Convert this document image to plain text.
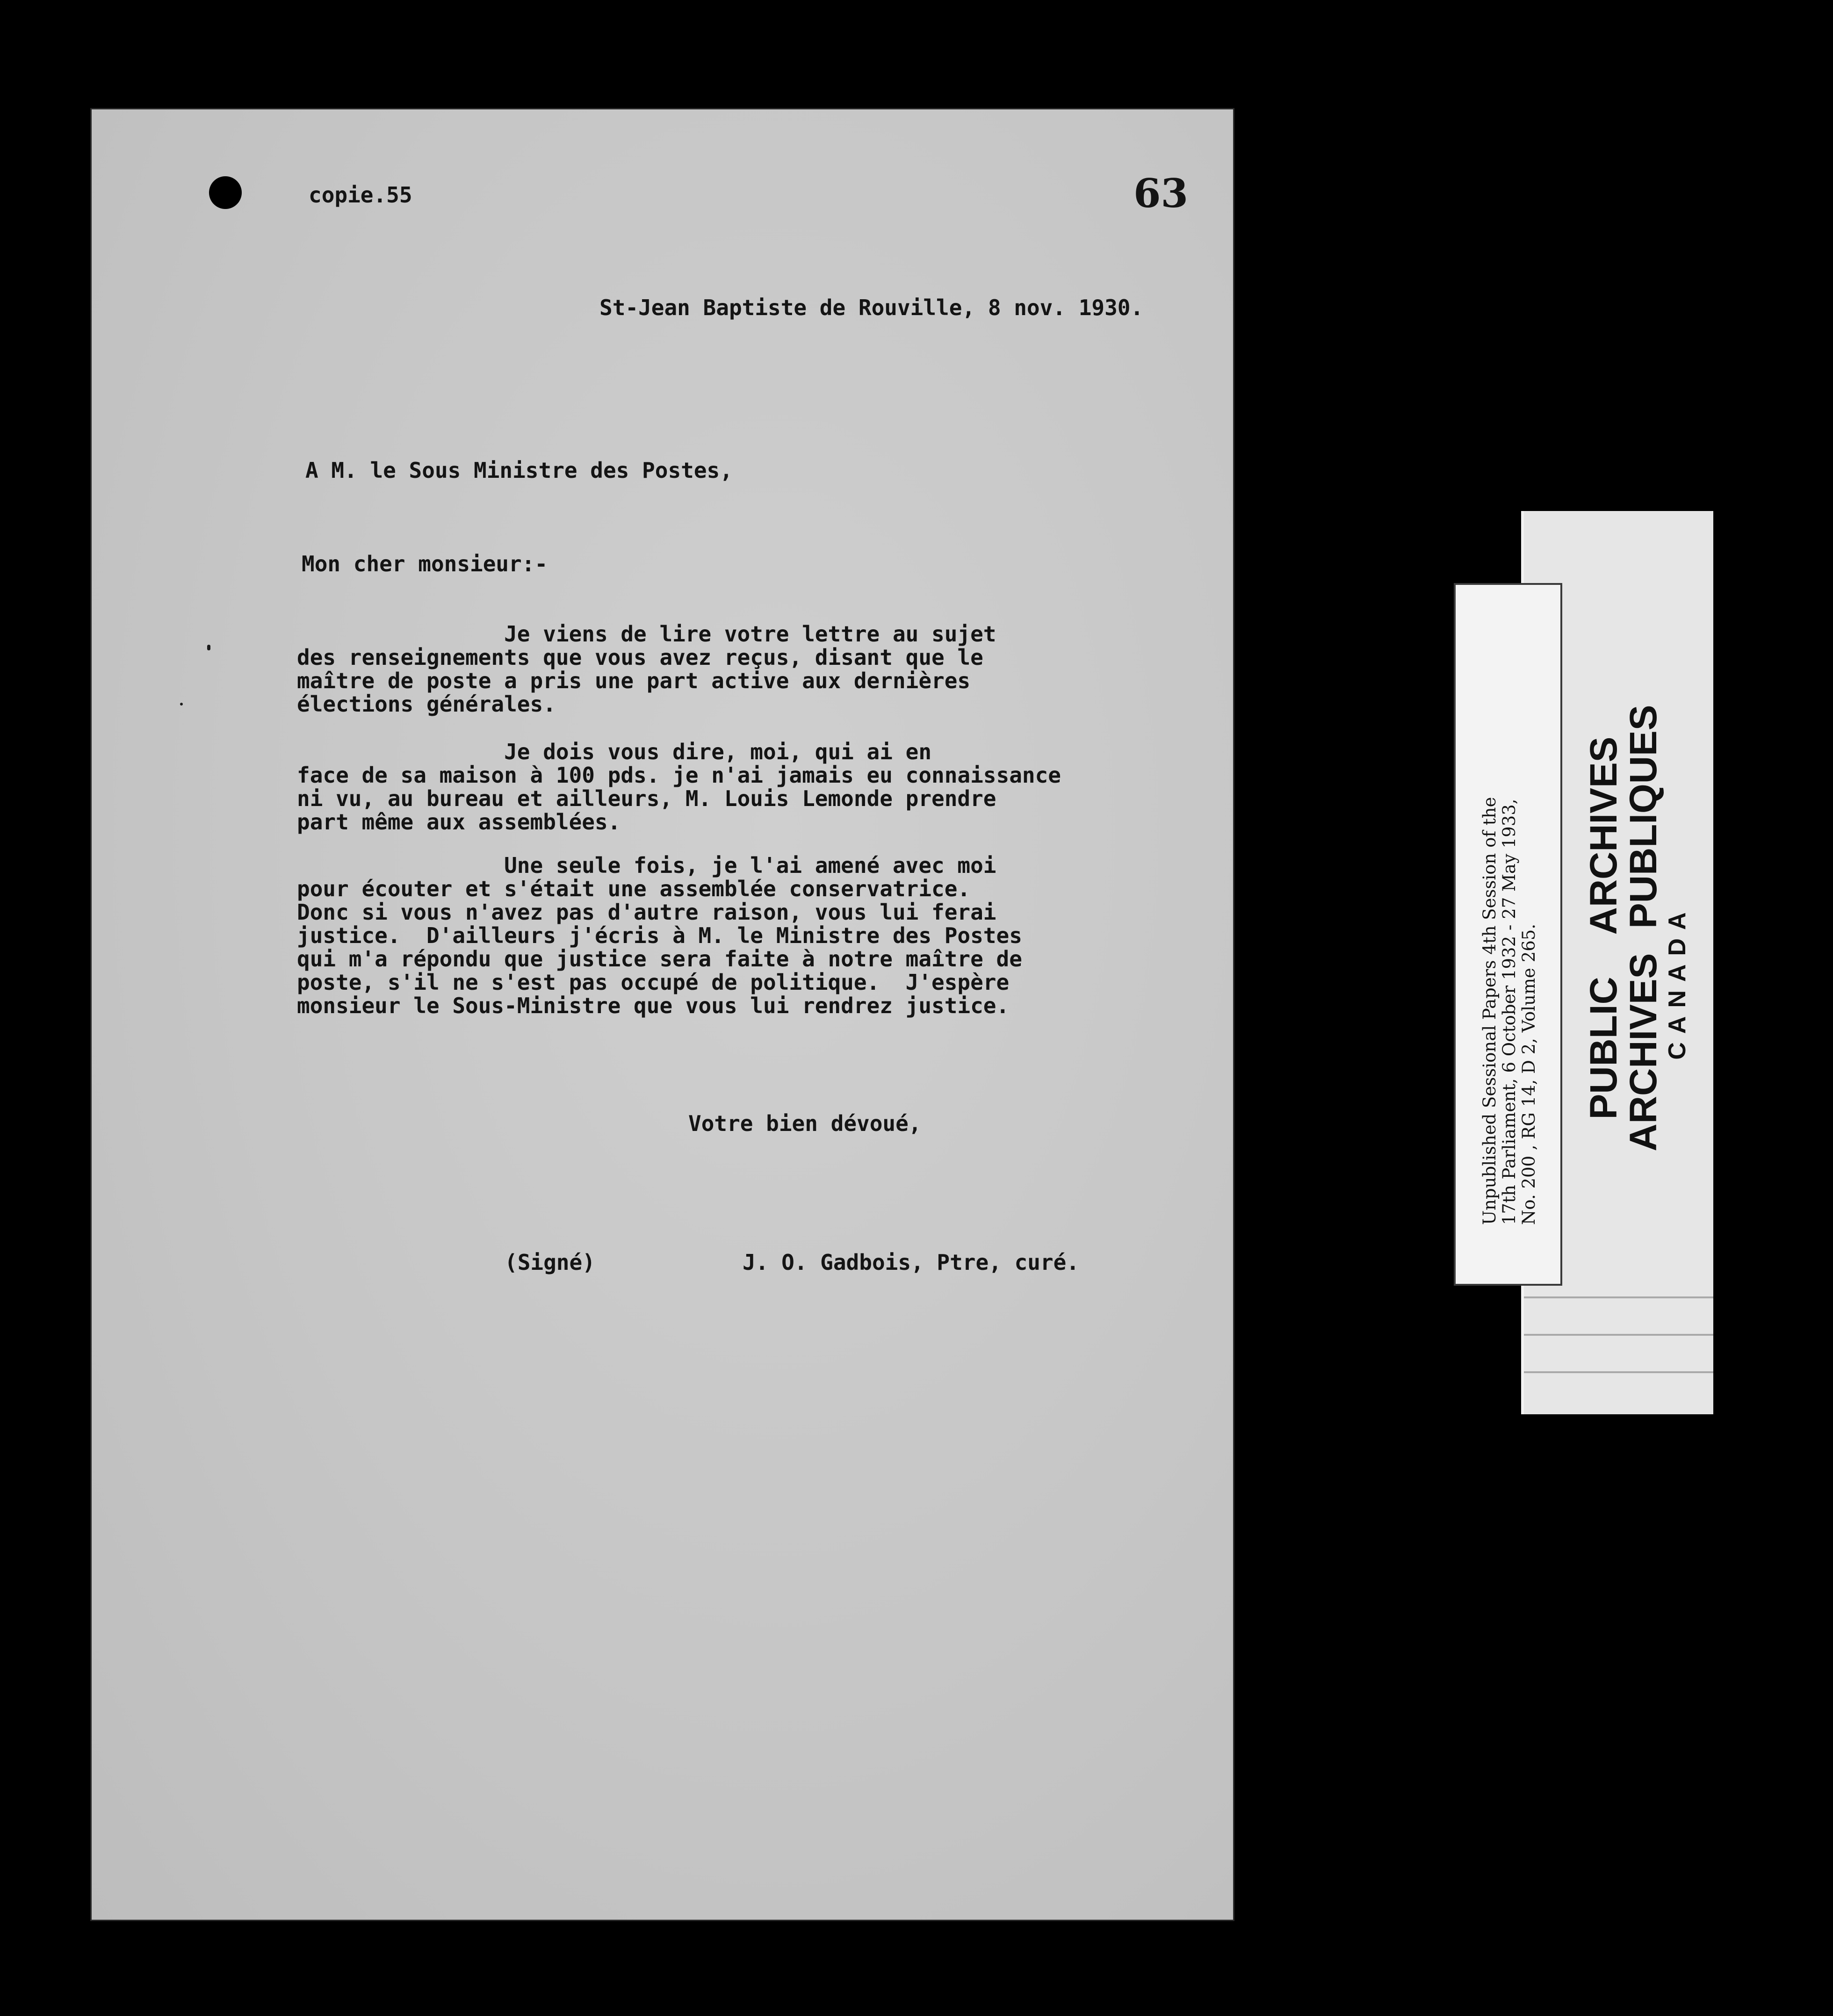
copie.55	63

St-Jean Baptiste de Rouville, 8 nov. 1930.

A M. le Sous Ministre des Postes,

Mon cher monsieur:-

Je viens de lire votre lettre au sujet
des renseignements que vous avez reçus, disant que le
maître de poste a pris une part active aux dernières
élections générales.

Je dois vous dire, moi, qui ai en
face de sa maison à 100 pds. je n'ai jamais eu connaissance
ni vu, au bureau et ailleurs, M. Louis Lemonde prendre
part même aux assemblées.

Une seule fois, je l'ai amené avec moi
pour écouter et s'était une assemblée conservatrice.
Donc si vous n'avez pas d'autre raison, vous lui ferai
justice.  D'ailleurs j'écris à M. le Ministre des Postes
qui m'a répondu que justice sera faite à notre maître de
poste, s'il ne s'est pas occupé de politique.  J'espère
monsieur le Sous-Ministre que vous lui rendrez justice.

Votre bien dévoué,

(Signé)	J. O. Gadbois, Ptre, curé.

Unpublished Sessional Papers 4th Session of the 17th Parliament, 6 October 1932 - 27 May 1933, No. 200 , RG 14, D 2, Volume 265. PUBLIC ARCHIVES
ARCHIVES PUBLIQUES
CANADA
